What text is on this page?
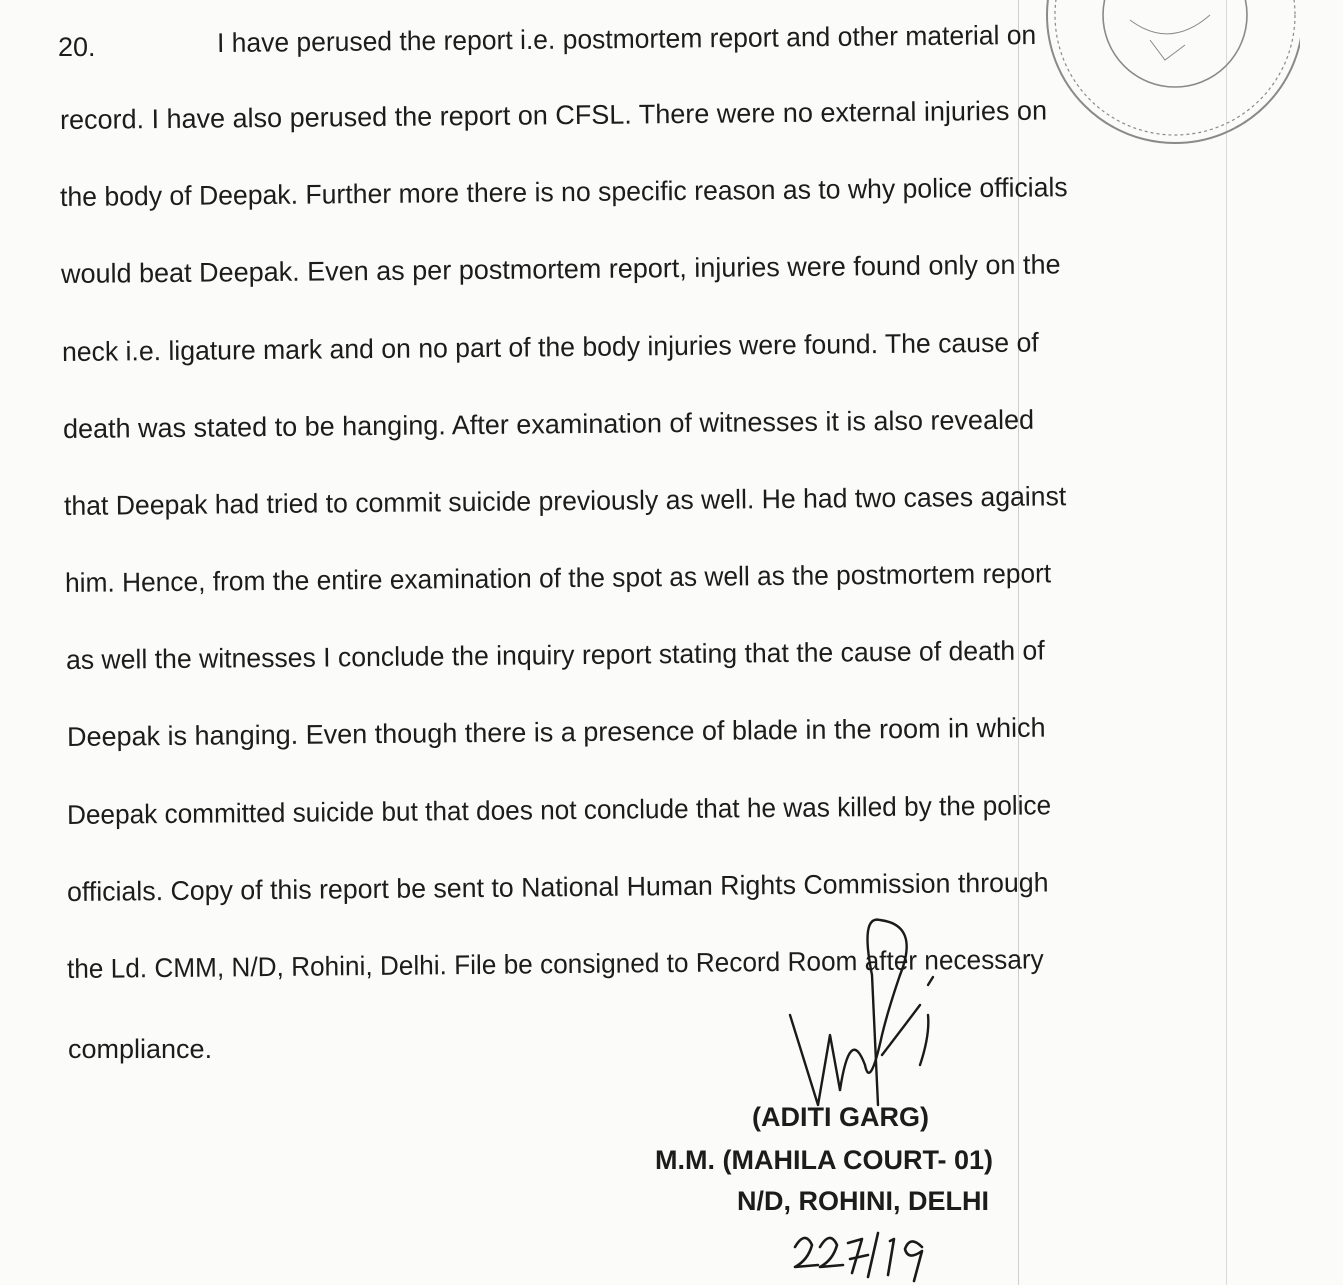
20.	I have perused the report i.e. postmortem report and other material on
record. I have also perused the report on CFSL. There were no external injuries on
the body of Deepak. Further more there is no specific reason as to why police officials
would beat Deepak. Even as per postmortem report, injuries were found only on the
neck i.e. ligature mark and on no part of the body injuries were found. The cause of
death was stated to be hanging. After examination of witnesses it is also revealed
that Deepak had tried to commit suicide previously as well. He had two cases against
him. Hence, from the entire examination of the spot as well as the postmortem report
as well the witnesses I conclude the inquiry report stating that the cause of death of
Deepak is hanging. Even though there is a presence of blade in the room in which
Deepak committed suicide but that does not conclude that he was killed by the police
officials. Copy of this report be sent to National Human Rights Commission through
the Ld. CMM, N/D, Rohini, Delhi. File be consigned to Record Room after necessary
compliance.
(ADITI GARG)
M.M. (MAHILA COURT- 01)
N/D, ROHINI, DELHI
